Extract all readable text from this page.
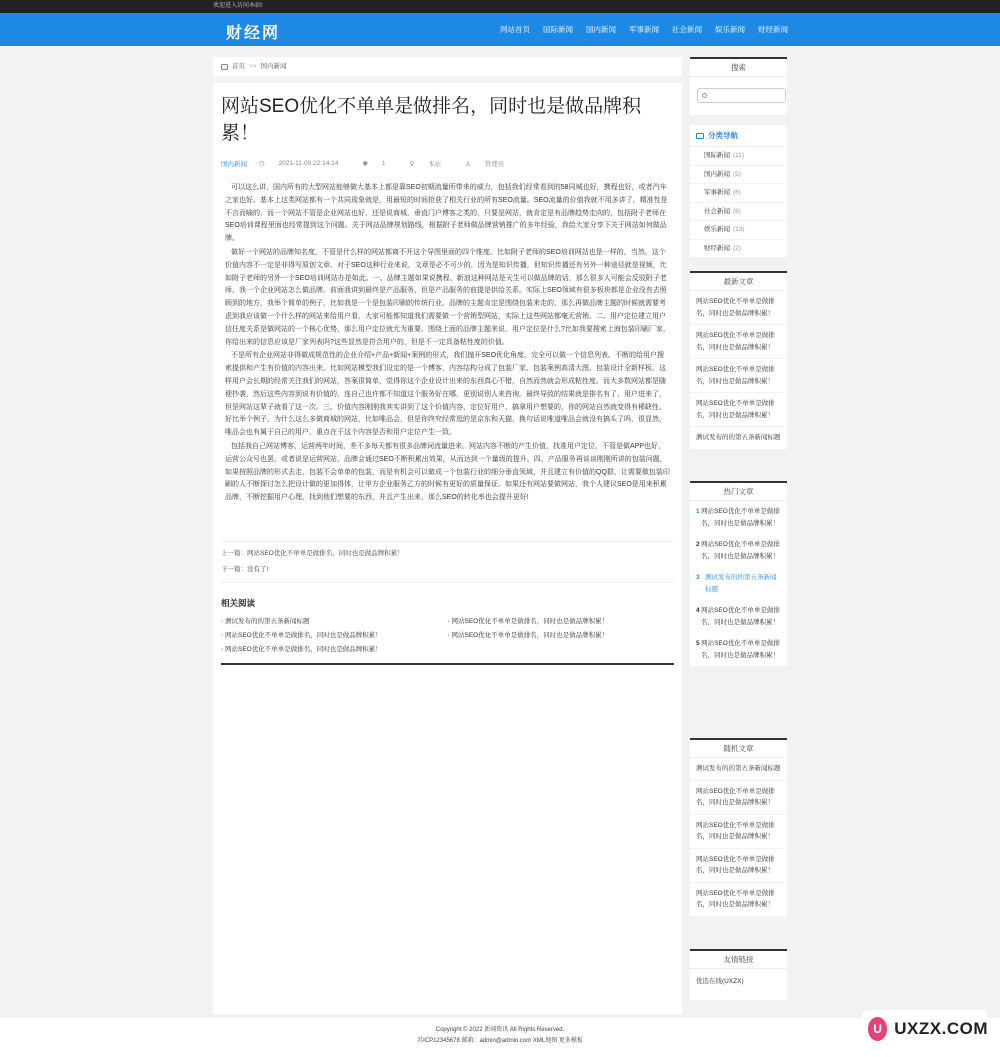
欢迎进入访问本站!
财经网	网站首页 国际新闻 国内新闻 军事新闻 社会新闻 娱乐新闻 财经新闻
首页 >> 国内新闻
网站SEO优化不单单是做排名，同时也是做品牌积累！
国内新闻 ◷ 2021-11-09 22:14:14	◉ 1	⚲ 本站	♙ 管理员

可以这么讲，国内所有的大型网站能够做大基本上都是靠SEO初期流量所带来的威力，包括我们经常看到的58同城也好，携程也好，或者汽车之家也好。基本上这类网站都有一个共同现象就是，用最短的时间抢获了相关行业的所有SEO流量。SEO流量的价值我就不用多讲了，精准性是不言而喻的，而一个网站不管是企业网站也好，还是说商城，垂直门户博客之类的，只要是网站，就肯定是有品牌趋势走向的，包括附子老师在SEO培训课程里面也经常提到这个问题。关于网站品牌规划路线，根据附子老师做品牌营销推广的多年经验，我给大家分享下关于网站如何做品牌。

做好一个网站的品牌知名度，不管是什么样的网站都离不开这个导图里面的四个维度。比如附子老师的SEO培训网站也是一样的，当然，这个价值内容不一定是非得写原创文章。对于SEO这种行业来说，文章是必不可少的，因为是知识传播，但知识传播还有另外一种途径就是视频，比如附子老师的另外一个SEO培训网站办是如此。一、品牌主题如果说携程、新浪这种网站是天生可以做品牌的话，那么很多人可能会反驳附子老师，我一个企业网站怎么做品牌。前面我讲到最终是产品服务，但是产品服务的前提是供给关系。实际上SEO领域有很多板块都是企业没有去照顾到的地方，我举个简单的例子，比如我是一个是包装印刷的传统行业。品牌的主题肯定是围绕包装来走的，那么再做品牌主题的时候就需要考虑到我应该做一个什么样的网站来给用户看，大家可能都知道我们需要做一个营销型网站，实际上这些网站都毫无营销。二、用户定位建立用户信任度关系是做网站的一个核心优势，那么用户定位就尤为重要。围绕上面的品牌主题来说，用户定位是什么?比如我要搜索上海包装印刷厂家，你给出来的信息应该是厂家列表吗?这些显然是符合用户的，但是不一定具备粘性度的价值。

不是所有企业网站非得做成规范性的企业介绍+产品+新闻+案例的形式，我们抛开SEO优化角度，完全可以做一个信息列表。不断的给用户搜索提供和产生有价值的内容出来，比如网站模型我们设定的是一个博客，内容结构分成了包装厂家、包装案例高清大图、包装设计全新样板。这样用户会长期的经常关注我们的网站，答案很简单，觉得你这个企业设计出来的东西真心不错，自然而然就会形成粘性度。而大多数网站都是随便抄袭，然后这些内容到说有价值的，连自己也许都不知道这个服务好在哪，更别说别人来咨询。最终导致的结果就是排名有了，用户进来了，但是网站这辈子就看了这一次。三、价值内容刚刚我其实讲到了这个价值内容，定位好用户，搞拿用户想要的，你的网站自然就变得有稀缺性。好比举个例子，为什么这么多做商城的网站，比如唯品会，但是你终究经常逛的是京东和天猫，换句话说唯道唯品会就没有搞头了吗，很显然，唯品会也有属于自己的用户，重点在于这个内容是否和用户定位产生一致。

包括我自己网站博客，运营两年时间，差不多每天都有很多品牌词流量进来。网站内容不断的产生价值，找准用户定位，不管是做APP也好，运营公众号也罢，或者说是运营网站，品牌会通过SEO不断积累出效果，从而达到一个量级的提升。四、产品服务再谈谈刚刚所讲的包装问题，如果按照品牌的形式去走，包装不会单单的包装，而是有机会可以做成一个包装行业的细分垂直领域，并且建立有价值的QQ群，让需要做包装印刷的人不断探讨怎么把设计做的更加得体，让甲方企业服务乙方的时候有更好的质量保证。如果还有网站要做网站，我个人建议SEO是用来积累品牌，不断挖掘用户心理，找到他们想要的东西，并且产生出来，那么SEO的转化率也会提升更好!

上一篇：网站SEO优化不单单是做排名，同时也是做品牌积累！
下一篇：没有了!
相关阅读
› 测试发布的的第五条新闻标题	› 网站SEO优化不单单是做排名，同时也是做品牌积累！
› 网站SEO优化不单单是做排名，同时也是做品牌积累！	› 网站SEO优化不单单是做排名，同时也是做品牌积累！
› 网站SEO优化不单单是做排名，同时也是做品牌积累！
搜索
分类导航
国际新闻 (11)
国内新闻 (5)
军事新闻 (6)
社会新闻 (8)
娱乐新闻 (13)
财经新闻 (2)
最新文章
网站SEO优化不单单是做排名，同时也是做品牌积累！
网站SEO优化不单单是做排名，同时也是做品牌积累！
网站SEO优化不单单是做排名，同时也是做品牌积累！
网站SEO优化不单单是做排名，同时也是做品牌积累！
测试发布的的第五条新闻标题
热门文章
1 网站SEO优化不单单是做排名，同时也是做品牌积累！
2 网站SEO优化不单单是做排名，同时也是做品牌积累！
3 测试发布的的第五条新闻标题
4 网站SEO优化不单单是做排名，同时也是做品牌积累！
5 网站SEO优化不单单是做排名，同时也是做品牌积累！
随机文章
测试发布的的第五条新闻标题
网站SEO优化不单单是做排名，同时也是做品牌积累！
网站SEO优化不单单是做排名，同时也是做品牌积累！
网站SEO优化不单单是做排名，同时也是做品牌积累！
网站SEO优化不单单是做排名，同时也是做品牌积累！
友情链接
优选在线(UXZX)
Copyright © 2022 新闻资讯 All Rights Reserved.
苏ICP12345678 邮箱：admin@admin.com XML地图 更多模板
U UXZX.COM
